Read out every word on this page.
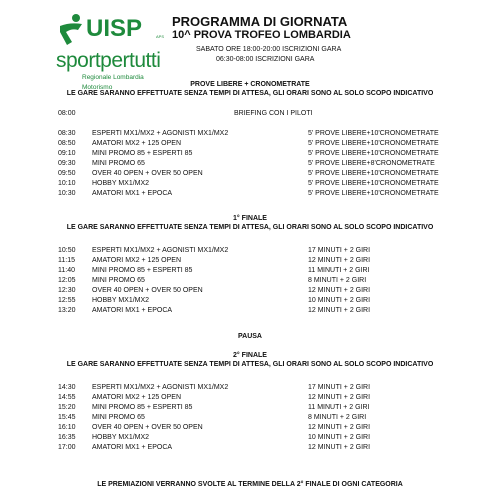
UISP	APS
sportpertutti
Regionale Lombardia
Motorismo
PROGRAMMA DI GIORNATA
10^ PROVA TROFEO LOMBARDIA
SABATO ORE 18:00-20:00 ISCRIZIONI GARA
06:30-08:00 ISCRIZIONI GARA
PROVE LIBERE + CRONOMETRATE
LE GARE SARANNO EFFETTUATE SENZA TEMPI DI ATTESA, GLI ORARI SONO AL SOLO SCOPO INDICATIVO
08:00	BRIEFING CON I PILOTI
08:30 ESPERTI MX1/MX2 + AGONISTI MX1/MX2	5' PROVE LIBERE+10'CRONOMETRATE
08:50 AMATORI MX2 + 125 OPEN	5' PROVE LIBERE+10'CRONOMETRATE
09:10 MINI PROMO 85 + ESPERTI 85	5' PROVE LIBERE+10'CRONOMETRATE
09:30 MINI PROMO 65	5' PROVE LIBERE+8'CRONOMETRATE
09:50 OVER 40 OPEN + OVER 50 OPEN	5' PROVE LIBERE+10'CRONOMETRATE
10:10 HOBBY MX1/MX2	5' PROVE LIBERE+10'CRONOMETRATE
10:30 AMATORI MX1 + EPOCA	5' PROVE LIBERE+10'CRONOMETRATE
1° FINALE
LE GARE SARANNO EFFETTUATE SENZA TEMPI DI ATTESA, GLI ORARI SONO AL SOLO SCOPO INDICATIVO
10:50 ESPERTI MX1/MX2 + AGONISTI MX1/MX2	17 MINUTI + 2 GIRI
11:15 AMATORI MX2 + 125 OPEN	12 MINUTI + 2 GIRI
11:40 MINI PROMO 85 + ESPERTI 85	11 MINUTI + 2 GIRI
12:05 MINI PROMO 65	8 MINUTI + 2 GIRI
12:30 OVER 40 OPEN + OVER 50 OPEN	12 MINUTI + 2 GIRI
12:55 HOBBY MX1/MX2	10 MINUTI + 2 GIRI
13:20 AMATORI MX1 + EPOCA	12 MINUTI + 2 GIRI
PAUSA
2° FINALE
LE GARE SARANNO EFFETTUATE SENZA TEMPI DI ATTESA, GLI ORARI SONO AL SOLO SCOPO INDICATIVO
14:30 ESPERTI MX1/MX2 + AGONISTI MX1/MX2	17 MINUTI + 2 GIRI
14:55 AMATORI MX2 + 125 OPEN	12 MINUTI + 2 GIRI
15:20 MINI PROMO 85 + ESPERTI 85	11 MINUTI + 2 GIRI
15:45 MINI PROMO 65	8 MINUTI + 2 GIRI
16:10 OVER 40 OPEN + OVER 50 OPEN	12 MINUTI + 2 GIRI
16:35 HOBBY MX1/MX2	10 MINUTI + 2 GIRI
17:00 AMATORI MX1 + EPOCA	12 MINUTI + 2 GIRI
LE PREMIAZIONI VERRANNO SVOLTE AL TERMINE DELLA 2° FINALE DI OGNI CATEGORIA
